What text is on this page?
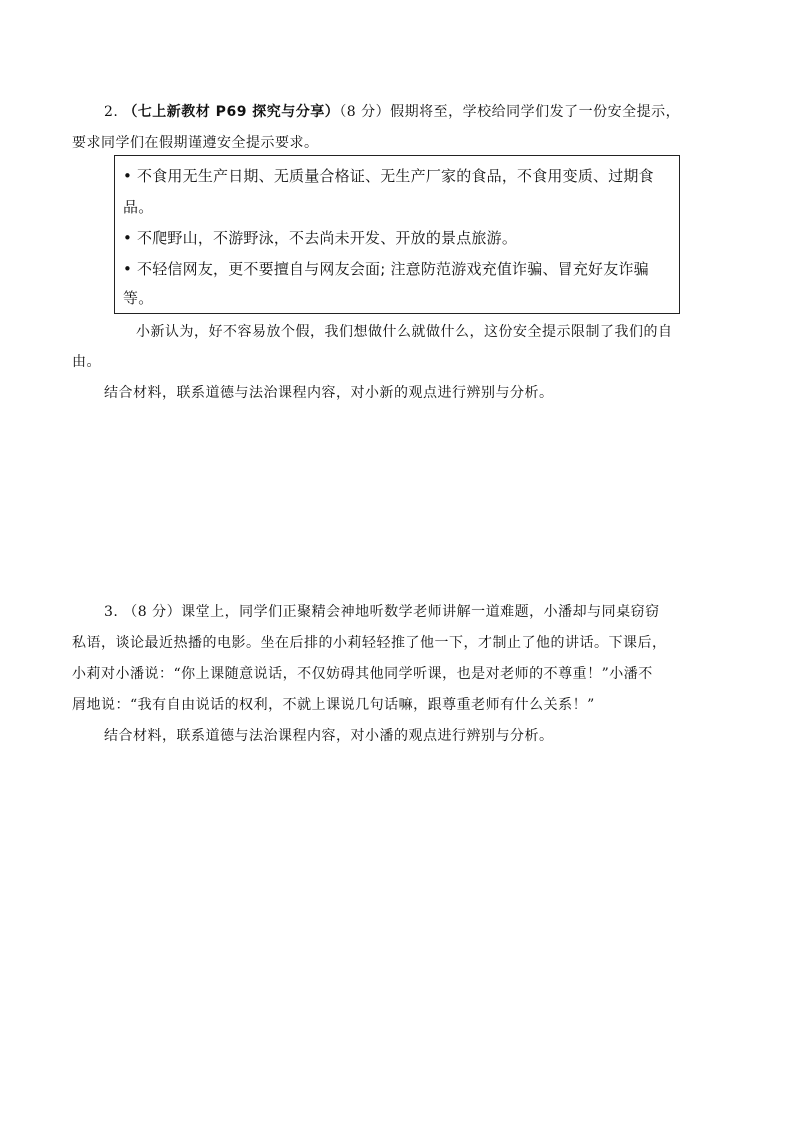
2. （七上新教材 P69 探究与分享）（8 分）假期将至，学校给同学们发了一份安全提示，
要求同学们在假期谨遵安全提示要求。
• 不食用无生产日期、无质量合格证、无生产厂家的食品，不食用变质、过期食
品。
• 不爬野山，不游野泳，不去尚未开发、开放的景点旅游。
• 不轻信网友，更不要擅自与网友会面; 注意防范游戏充值诈骗、冒充好友诈骗
等。
小新认为，好不容易放个假，我们想做什么就做什么，这份安全提示限制了我们的自
由。
结合材料，联系道德与法治课程内容，对小新的观点进行辨别与分析。
3. （8 分）课堂上，同学们正聚精会神地听数学老师讲解一道难题，小潘却与同桌窃窃
私语，谈论最近热播的电影。坐在后排的小莉轻轻推了他一下，才制止了他的讲话。下课后，
小莉对小潘说：“你上课随意说话，不仅妨碍其他同学听课，也是对老师的不尊重！”小潘不
屑地说：“我有自由说话的权利，不就上课说几句话嘛，跟尊重老师有什么关系！”
结合材料，联系道德与法治课程内容，对小潘的观点进行辨别与分析。
